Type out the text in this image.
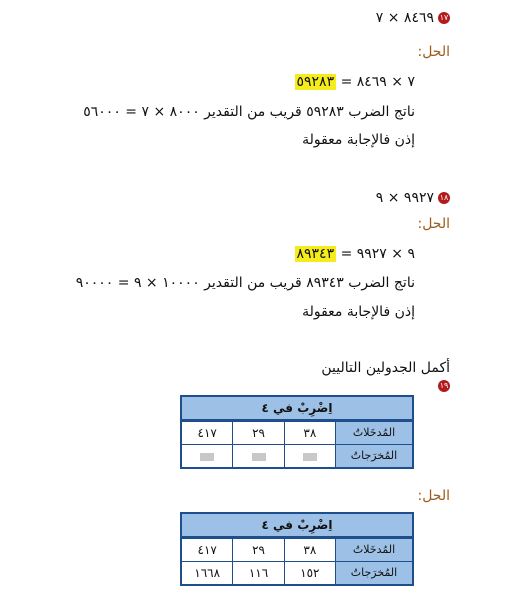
١٧٨٤٦٩ × ٧
الحل:
٧ × ٨٤٦٩ = ٥٩٢٨٣
ناتج الضرب ٥٩٢٨٣ قريب من التقدير ٨٠٠٠ × ٧ = ٥٦٠٠٠
إذن فالإجابة معقولة
١٨٩٩٢٧ × ٩
الحل:
٩ × ٩٩٢٧ = ٨٩٣٤٣
ناتج الضرب ٨٩٣٤٣ قريب من التقدير ١٠٠٠٠ × ٩ = ٩٠٠٠٠
إذن فالإجابة معقولة
أكمل الجدولين التاليين
١٩
اِضْرِبْ في ٤
المُدخَلاتُ
٣٨
٢٩
٤١٧
المُخرَجاتُ
الحل:
اِضْرِبْ في ٤
المُدخَلاتُ
٣٨
٢٩
٤١٧
المُخرَجاتُ
١٥٢
١١٦
١٦٦٨
